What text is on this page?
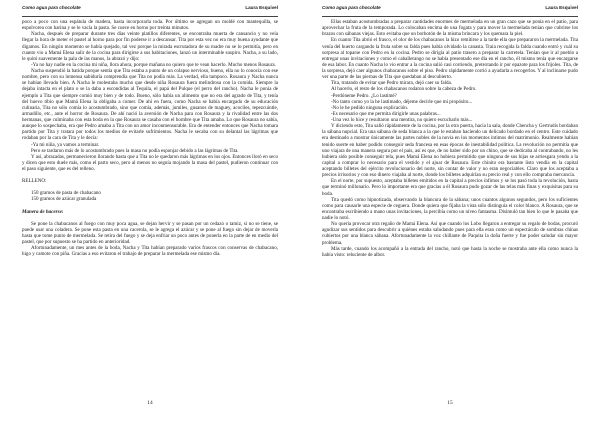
Como agua para chocolate	Laura Esquivel

poco a poco con una espátula de madera, hasta incorporarla toda. Por último se agregan un moldé con mantequilla, se espolvorea con harina y se le vacía la pasta. Se cuece en horno por treinta minutos.

Nacha, después de preparar durante tres días veinte platillos diferentes, se encontraba muerta de cansancio y no veía llegar la hora de meter el pastel al horno para por fin poderse ir a descansar. Tita por esta vez no era muy buena ayudante que digamos. En ningún momento se había quejado, tal vez porque la mirada escrutadora de su madre no se lo permitía, pero en cuanto vio a Mamá Elena salir de la cocina para dirigirse a sus habitaciones, lanzó un interminable suspiro. Nacha, a su lado, le quitó suavemente la pala de las manos, la abrazó y dijo:

-Ya no hay nadie en la cocina mi niña, llora ahora, porque mañana no quiero que te vean hacerlo. Mucho menos Rosaura.

Nacha suspendió la batida porque sentía que Tita estaba a punto de un colapso nervioso, bueno, ella no lo conocía con ese nombre, pero con su inmensa sabiduría comprendía que Tita no podía más. La verdad, ella tampoco. Rosaura y Nacha nunca se habían llevado bien. A Nacha le molestaba mucho que desde niña Rosaura fuera melindrosa con la comida. Siempre la dejaba intacta en el plato o se la daba a escondidas al Tequila, el papá del Pulque (el perro del rancho). Nacha le ponía de ejemplo a Tita que siempre comió muy bien y de todo. Bueno, sólo había un alimento que no era del agrado de Tita, y tenía del huevo tibio que Mamá Elena la obligaba a comer. De ahí en fuera, como Nacha se había encargado de su educación culinaria, Tita no sólo comía lo acostumbrado, sino que comía, además, jumiles, gusanos de maguey, acociles, tepezcuintle, armadillo, etc., ante el horror de Rosaura. De ahí nació la aversión de Nacha para con Rosaura y la rivalidad entre las dos hermanas, que culminaba con esta boda en la que Rosaura se casaba con el hombre que Tita amaba. Lo que Rosaura no sabía, aunque lo sospechaba, era que Pedro amaba a Tita con un amor inconmensurable. Era de entender entonces que Nacha tomara partido por Tita y tratara por todos los medios de evitarle sufrimientos. Nacha le secaba con su delantal las lágrimas que rodaban por la cara de Tita y le decía:

-Ya mi niña, ya vamos a terminar.

Pero se tardaron más de lo acostumbrado pues la masa no podía esponjar debido a las lágrimas de Tita.

Y así, abrazadas, permanecieron llorando hasta que a Tita no le quedaron más lágrimas en los ojos. Entonces lloró en seco y dicen que esto duele más, como el parto seco, pero al menos no seguía mojando la masa del pastel, pudieron continuar con el paso siguiente, que es del relleno.

RELLENO:

150 gramos de pasta de chabacano

150 gramos de azúcar granulada

Manera de hacerse:

Se pone la chabacanos al fuego con muy poca agua, se dejan hervir y se pasan por un cedazo o tamiz, si no se tiene, se puede usar una coladera. Se pone esta pasta en una cacerola, se le agrega el azúcar y se pone al fuego sin dejar de moverla hasta que tome punto de mermelada. Se retira del fuego y se deja enfriar un poco antes de ponerla en la parte de en medio del pastel, que por supuesto se ha partido en anterioridad.

Afortunadamente, un mes antes de la boda, Nacha y Tita habían preparado varios frascos con conservas de chabacano, higo y camote con piña. Gracias a eso evitaron el trabajo de preparar la mermelada ese mismo día.

14
Como agua para chocolate	Laura Esquivel

Ellas estaban acostumbradas a preparar cantidades enormes de mermelada en un gran cazo que se ponía en el patio, para aprovechar la fruta de la temporada. Lo colocaban encima de una fogata y para mover la mermelada tenían que cubrirse los brazos con sábanas viejas. Esto evitaba que un borbotón de la misma brincara y los quemara la piel.

En cuanto Tita abrió el frasco, el olor de los chabacanos la hizo remitirse a la tarde ella que prepararon la mermelada. Tita venía del huerto cargando la fruta sobre su falda pues había olvidado la canasta. Traía recogida la falda cuando entró y cuál su sorpresa al toparse con Pedro en la cocina. Pedro se dirigía al patio trasero a preparar la carretela. Tenían que ir al pueblo a entregar unas invitaciones y como el caballerango no se había presentado ese día en el rancho, él mismo tenía que encargarse de esa labor. En cuanto Nacha lo vio entrar a la cocina salió casi corriendo, pretextando ir por epazote para los frijoles. Tita, de la sorpresa, dejó caer algunos chabacanos sobre el piso. Pedro rápidamente corrió a ayudarla a recogerlos. Y al inclinarse pudo ver una parte de las piernas de Tita que quedaban al descubierto.

Tita, tratando de evitar que Pedro mirara, dejó caer su falda.

Al hacerlo, el resto de los chabacanos rodaron sobre la cabeza de Pedro.

-Perdóneme Pedro. ¿Lo lastimé?

-No tanto como yo la he lastimado, déjeme decirle que mi propósito...

-No le he pedido ninguna explicación.

-Es necesario que me permita dirigirle unas palabras...

-Una vez lo hice y resultaron una mentira, no quiero escucharlo más...

Y diciendo esto, Tita salió rápidamente de la cocina, por la otra puerta, hacia la sala, donde Chencha y Gertrudis bordaban la sábana nupcial. Era una sábana de seda blanca a la que le estaban haciendo un delicado bordado en el centro. Este cuidado era destinado a mostrar únicamente las partes nobles de la novia en los momentos íntimos del matrimonio. Realmente habían tenido suerte en haber podido conseguir seda francesa en esas épocas de inestabilidad política. La revolución no permitía que uno viajara de una manera segura por el país, así es que, de no haber sido por un chino, que se dedicaba al contrabando, no les hubiera sido posible conseguir tela, pues Mamá Elena no hubiera permitido que ninguna de sus hijas se arriesgara yendo a la capital a comprar lo necesario para el vestido y el ajuar de Rosaura. Este chinito era bastante listo vendía en la capital aceptando billetes del ejército revolucionario del norte, sin contar de valor y no eran negociables. Claro que los aceptaba a precios irrisorios y con eso dinero viajaba al norte, donde los billetes adquirían su precio real y con ello compraba mercancía.

En el norte, por supuesto, aceptaba billetes emitidos en la capital a precios ínfimos y se los pasó toda la revolución, hasta que terminó millonario. Pero lo importante era que gracias a él Rosaura pudo gozar de las telas más finas y exquisitas para su boda.

Tita quedó como hipnotizada, observando la blancura de la sábana; unos cuantos algunos segundos, pero los suficientes como para causarle una especie de ceguera. Donde quiera que fijaba la vista sólo distinguía el color blanco. A Rosaura, que se encontraba escribiendo a mano unas invitaciones, la percibía como un níveo fantasma. Disimuló tan bien lo que le pasaba que nadie lo notó.

No quería provocar otra regaño de Mamá Elena. Así que cuando los Lobo llegaron a entregar su regalo de bodas, procuró agudizar sus sentidos para descubrir a quiénes estaba saludando pues para ella eran como un espectáculo de sombras chinas cubiertos por una blanca sábana. Afortunadamente la voz chillante de Paquita la doña fuerte y fue poder saludar sin mayor problema.

Más tarde, cuando los acompañó a la entrada del rancho, notó que hasta la noche se mostraba ante ella como nunca la había visto: reluciente de albor.

15
